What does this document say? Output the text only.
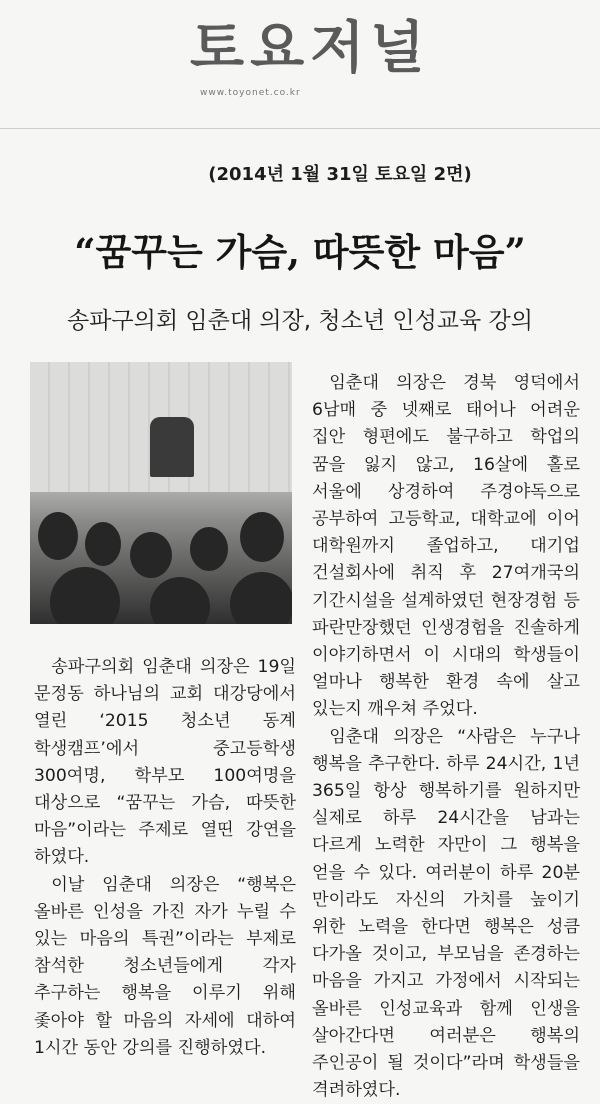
토요저널
www.toyonet.co.kr
(2014년 1월 31일 토요일 2면)
“꿈꾸는 가슴, 따뜻한 마음”
송파구의회 임춘대 의장, 청소년 인성교육 강의

송파구의회 임춘대 의장은 19일 문정동 하나님의 교회 대강당에서 열린 ‘2015 청소년 동계 학생캠프’에서 중고등학생 300여명, 학부모 100여명을 대상으로 “꿈꾸는 가슴, 따뜻한 마음”이라는 주제로 열띤 강연을 하였다.

이날 임춘대 의장은 “행복은 올바른 인성을 가진 자가 누릴 수 있는 마음의 특권”이라는 부제로 참석한 청소년들에게 각자 추구하는 행복을 이루기 위해 좇아야 할 마음의 자세에 대하여 1시간 동안 강의를 진행하였다.

임춘대 의장은 경북 영덕에서 6남매 중 넷째로 태어나 어려운 집안 형편에도 불구하고 학업의 꿈을 잃지 않고, 16살에 홀로 서울에 상경하여 주경야독으로 공부하여 고등학교, 대학교에 이어 대학원까지 졸업하고, 대기업 건설회사에 취직 후 27여개국의 기간시설을 설계하였던 현장경험 등 파란만장했던 인생경험을 진솔하게 이야기하면서 이 시대의 학생들이 얼마나 행복한 환경 속에 살고 있는지 깨우쳐 주었다.

임춘대 의장은 “사람은 누구나 행복을 추구한다. 하루 24시간, 1년 365일 항상 행복하기를 원하지만 실제로 하루 24시간을 남과는 다르게 노력한 자만이 그 행복을 얻을 수 있다. 여러분이 하루 20분 만이라도 자신의 가치를 높이기 위한 노력을 한다면 행복은 성큼 다가올 것이고, 부모님을 존경하는 마음을 가지고 가정에서 시작되는 올바른 인성교육과 함께 인생을 살아간다면 여러분은 행복의 주인공이 될 것이다”라며 학생들을 격려하였다.
